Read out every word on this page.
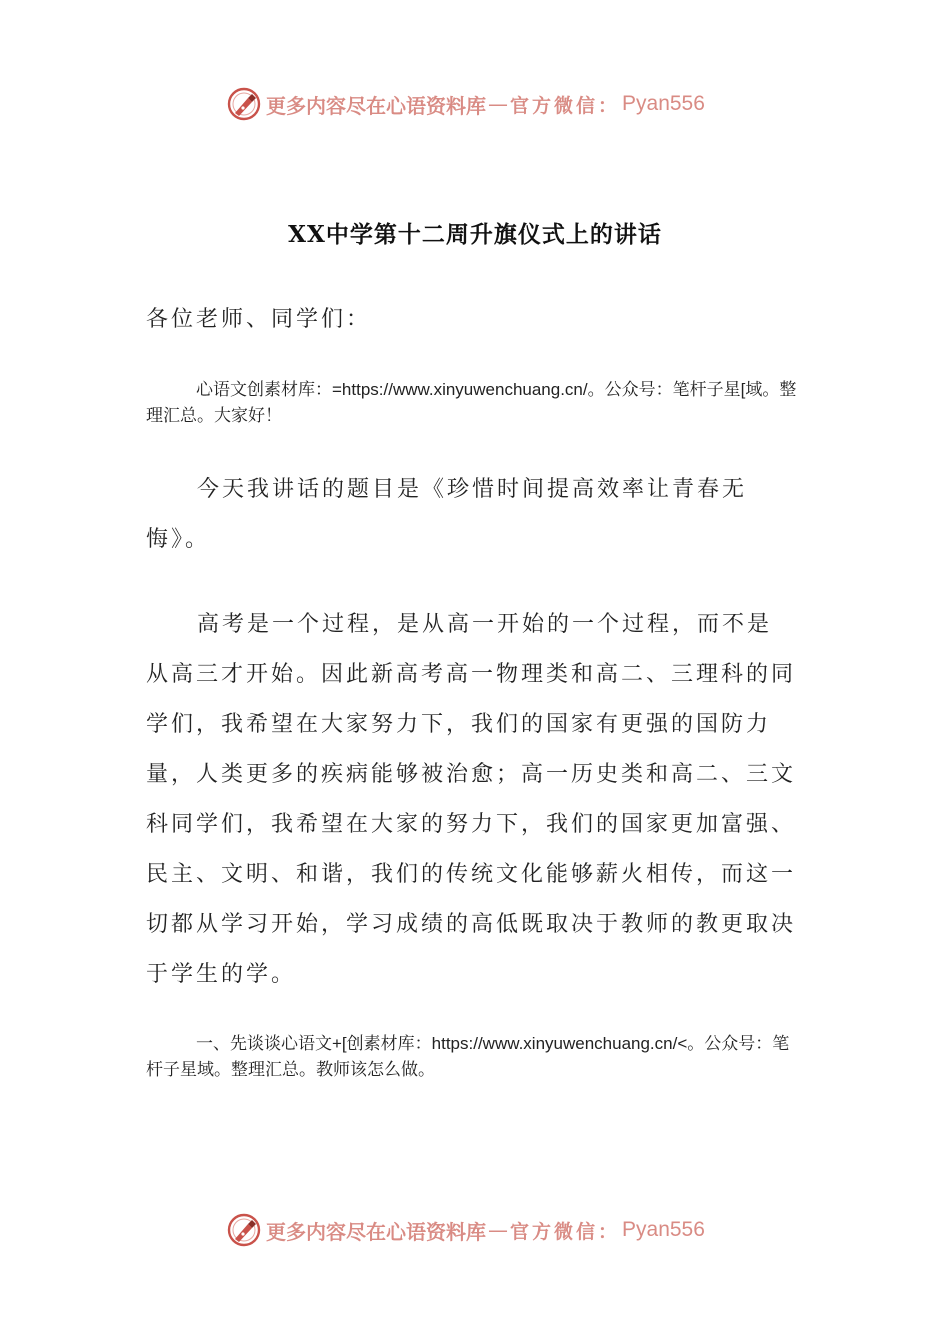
更多内容尽在心语资料库 — 官方微信： Pyan556
XX中学第十二周升旗仪式上的讲话
各位老师、同学们：
心语文创素材库：=https://www.xinyuwenchuang.cn/。公众号：笔杆子星[域。整理汇总。大家好！
今天我讲话的题目是《珍惜时间提高效率让青春无悔》。
高考是一个过程，是从高一开始的一个过程，而不是从高三才开始。因此新高考高一物理类和高二、三理科的同学们，我希望在大家努力下，我们的国家有更强的国防力量，人类更多的疾病能够被治愈；高一历史类和高二、三文科同学们，我希望在大家的努力下，我们的国家更加富强、民主、文明、和谐，我们的传统文化能够薪火相传，而这一切都从学习开始，学习成绩的高低既取决于教师的教更取决于学生的学。
一、先谈谈心语文+[创素材库：https://www.xinyuwenchuang.cn/<。公众号：笔杆子星域。整理汇总。教师该怎么做。
更多内容尽在心语资料库 — 官方微信： Pyan556
